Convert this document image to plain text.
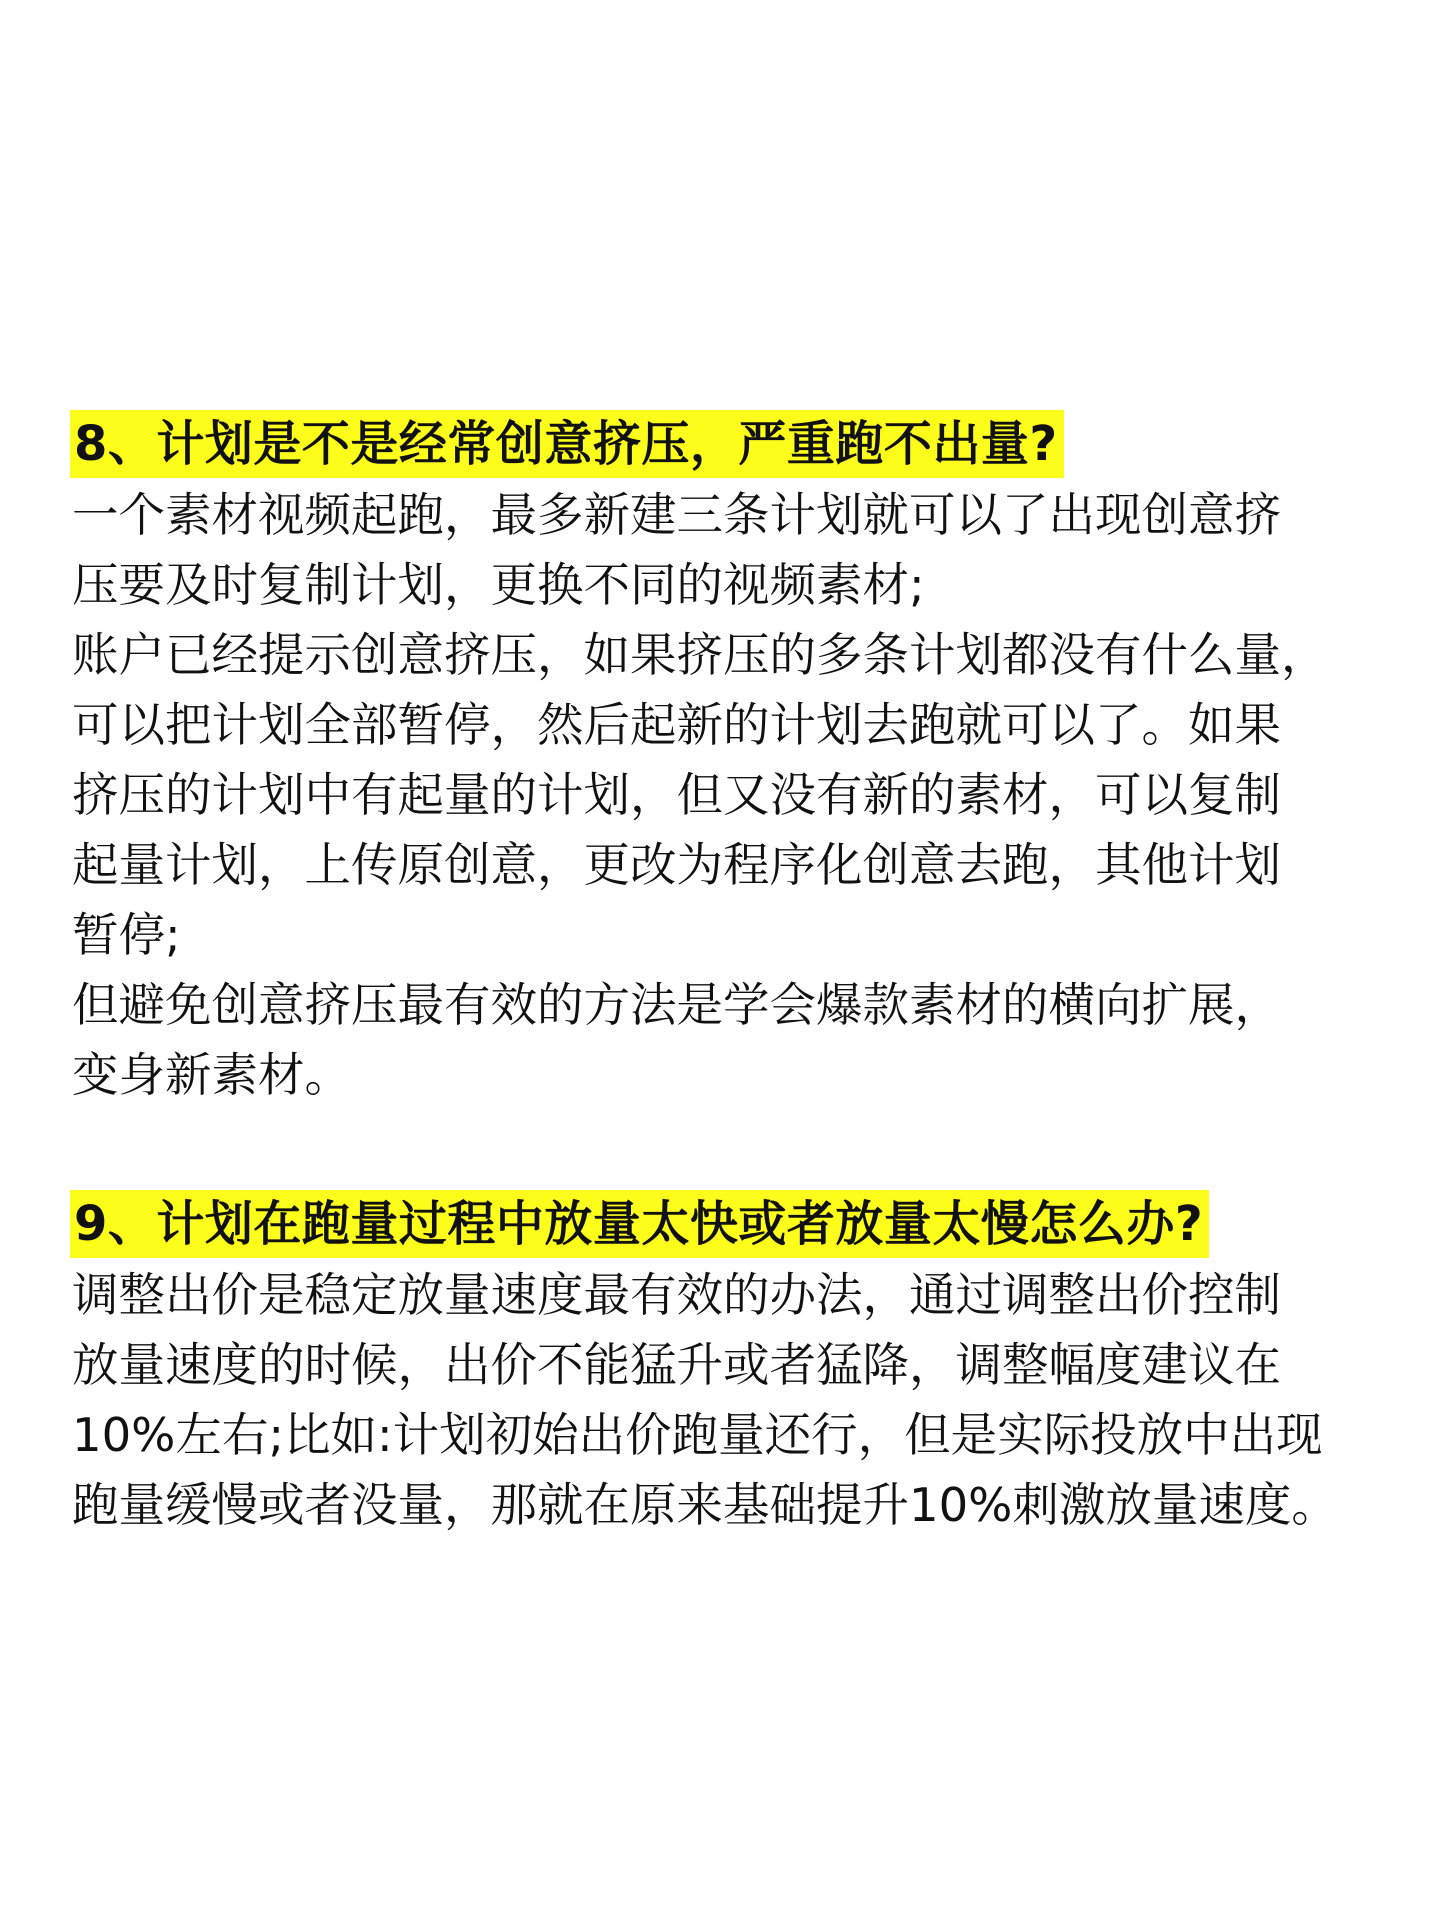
8、计划是不是经常创意挤压，严重跑不出量?
一个素材视频起跑，最多新建三条计划就可以了出现创意挤
压要及时复制计划，更换不同的视频素材;
账户已经提示创意挤压，如果挤压的多条计划都没有什么量，
可以把计划全部暂停，然后起新的计划去跑就可以了。如果
挤压的计划中有起量的计划，但又没有新的素材，可以复制
起量计划，上传原创意，更改为程序化创意去跑，其他计划
暂停;
但避免创意挤压最有效的方法是学会爆款素材的横向扩展，
变身新素材。
9、计划在跑量过程中放量太快或者放量太慢怎么办?
调整出价是稳定放量速度最有效的办法，通过调整出价控制
放量速度的时候，出价不能猛升或者猛降，调整幅度建议在
10%左右;比如:计划初始出价跑量还行，但是实际投放中出现
跑量缓慢或者没量，那就在原来基础提升10%刺激放量速度。
